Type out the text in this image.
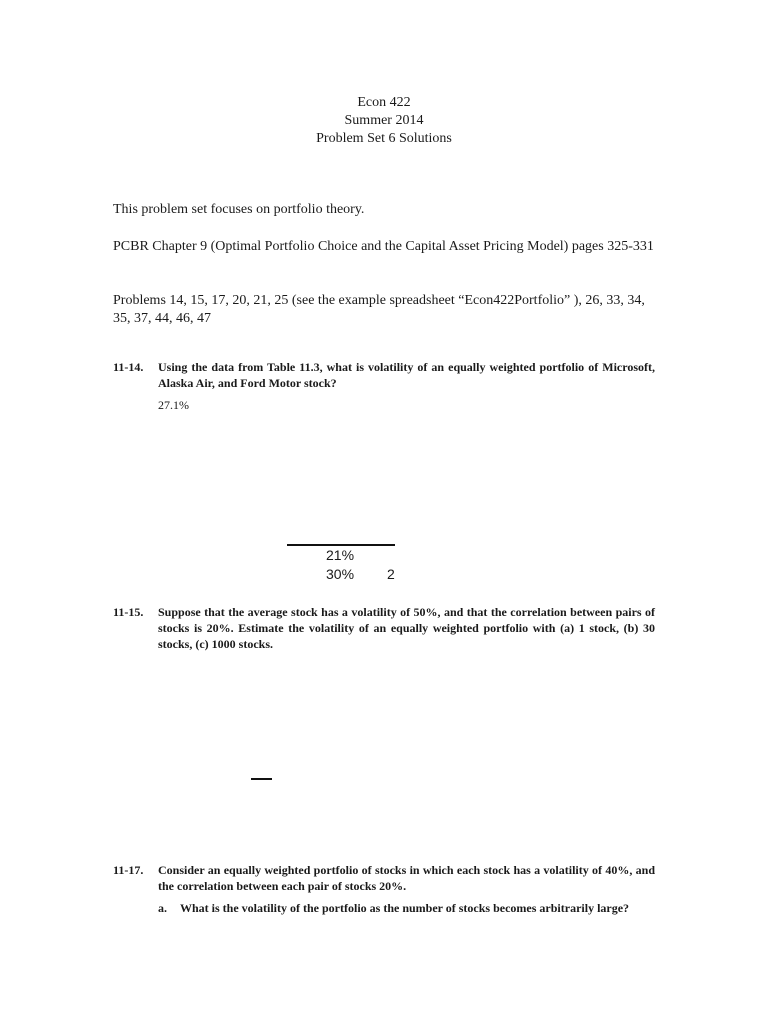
Econ 422
Summer 2014
Problem Set 6 Solutions
This problem set focuses on portfolio theory.
PCBR Chapter 9 (Optimal Portfolio Choice and the Capital Asset Pricing Model) pages 325-331
Problems 14, 15, 17, 20, 21, 25 (see the example spreadsheet “Econ422Portfolio” ), 26, 33, 34, 35, 37, 44, 46, 47
11-14. Using the data from Table 11.3, what is volatility of an equally weighted portfolio of Microsoft, Alaska Air, and Ford Motor stock?
27.1%
21%
30% 2
11-15. Suppose that the average stock has a volatility of 50%, and that the correlation between pairs of stocks is 20%. Estimate the volatility of an equally weighted portfolio with (a) 1 stock, (b) 30 stocks, (c) 1000 stocks.
11-17. Consider an equally weighted portfolio of stocks in which each stock has a volatility of 40%, and the correlation between each pair of stocks 20%.
a. What is the volatility of the portfolio as the number of stocks becomes arbitrarily large?
